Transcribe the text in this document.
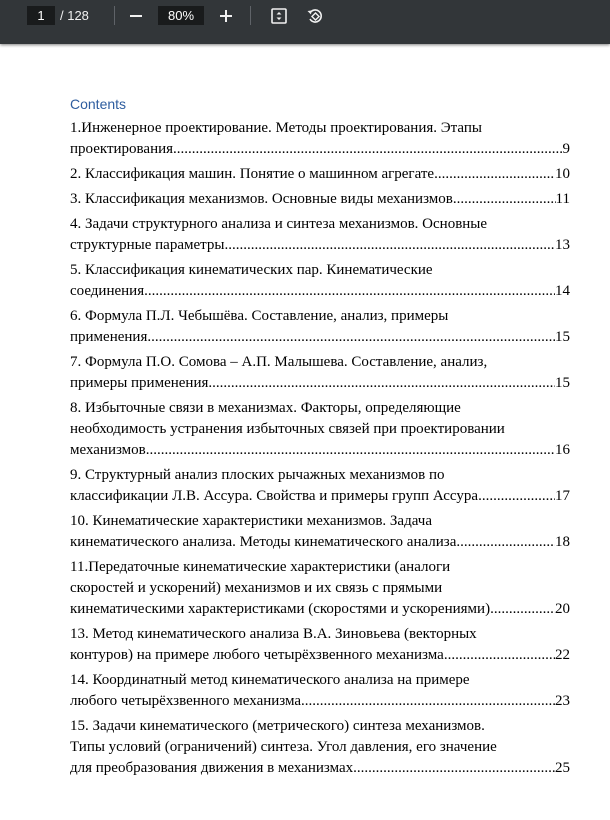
1
/ 128
80%
Contents
1.Инженерное проектирование. Методы проектирования. Этапы
проектирования .....	9
2. Классификация машин. Понятие о машинном агрегате .....	10
3. Классификация механизмов. Основные виды механизмов .....	11
4. Задачи структурного анализа и синтеза механизмов. Основные
структурные параметры. .....	13
5. Классификация кинематических пар. Кинематические
соединения .....	14
6. Формула П.Л. Чебышёва. Составление, анализ, примеры
применения .....	15
7. Формула П.О. Сомова – А.П. Малышева. Составление, анализ,
примеры применения .....	15
8. Избыточные связи в механизмах. Факторы, определяющие
необходимость устранения избыточных связей при проектировании
механизмов .....	16
9. Структурный анализ плоских рычажных механизмов по
классификации Л.В. Ассура. Свойства и примеры групп Ассура .....	17
10. Кинематические характеристики механизмов. Задача
кинематического анализа. Методы кинематического анализа .....	18
11.Передаточные кинематические характеристики (аналоги
скоростей и ускорений) механизмов и их связь с прямыми
кинематическими характеристиками (скоростями и ускорениями) .....	20
13. Метод кинематического анализа В.А. Зиновьева (векторных
контуров) на примере любого четырёхзвенного механизма .....	22
14. Координатный метод кинематического анализа на примере
любого четырёхзвенного механизма .....	23
15. Задачи кинематического (метрического) синтеза механизмов.
Типы условий (ограничений) синтеза. Угол давления, его значение
для преобразования движения в механизмах. .....	25
